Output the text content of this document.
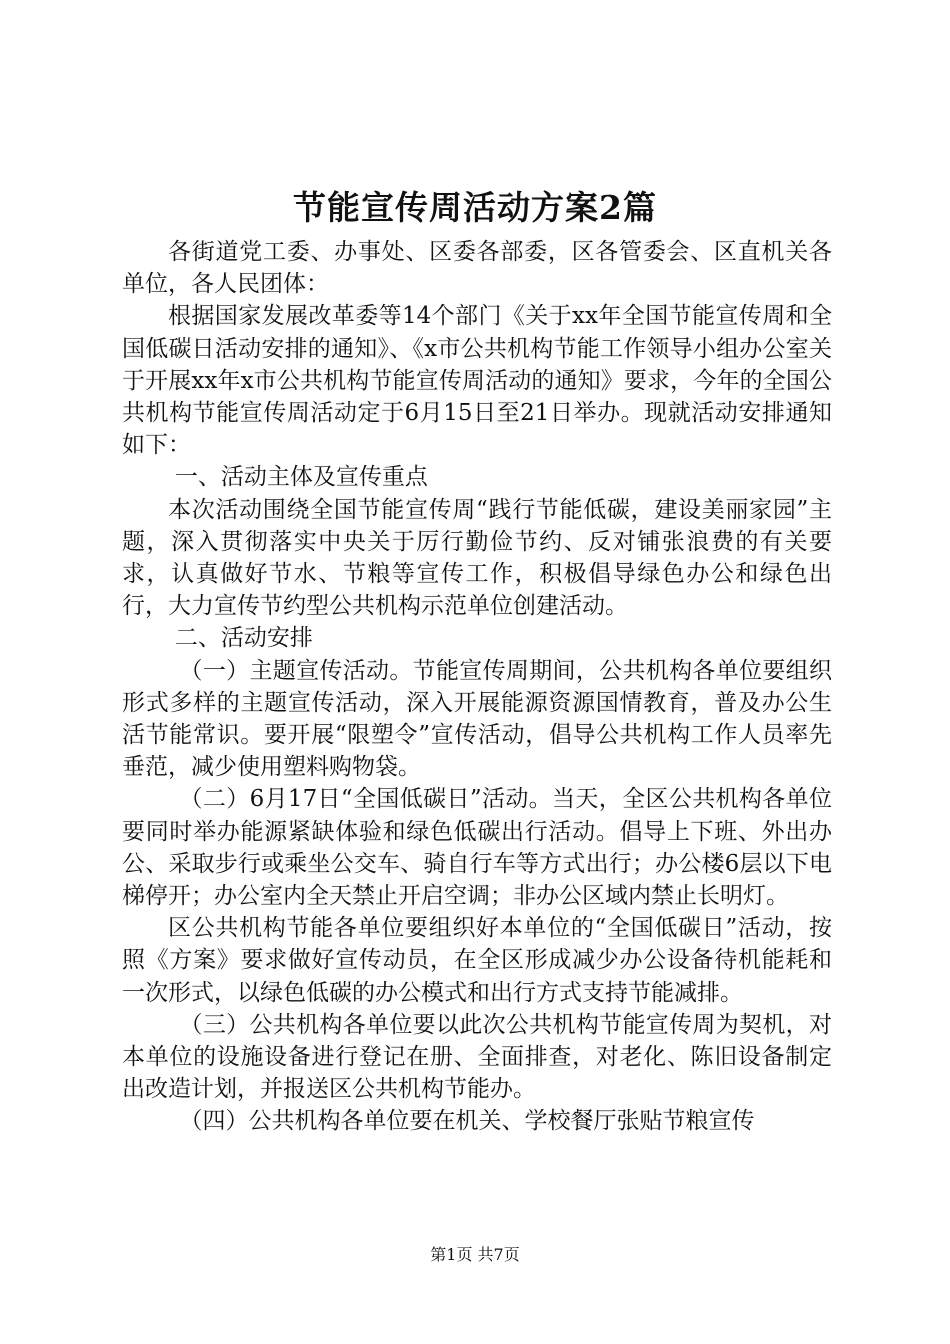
节能宣传周活动方案2篇

各街道党工委、办事处、区委各部委，区各管委会、区直机关各单位，各人民团体：

根据国家发展改革委等14个部门《关于xx年全国节能宣传周和全国低碳日活动安排的通知》、《x市公共机构节能工作领导小组办公室关于开展xx年x市公共机构节能宣传周活动的通知》要求，今年的全国公共机构节能宣传周活动定于6月15日至21日举办。现就活动安排通知如下：

一、活动主体及宣传重点

本次活动围绕全国节能宣传周“践行节能低碳，建设美丽家园”主题，深入贯彻落实中央关于厉行勤俭节约、反对铺张浪费的有关要求，认真做好节水、节粮等宣传工作，积极倡导绿色办公和绿色出行，大力宣传节约型公共机构示范单位创建活动。

二、活动安排

（一）主题宣传活动。节能宣传周期间，公共机构各单位要组织形式多样的主题宣传活动，深入开展能源资源国情教育，普及办公生活节能常识。要开展“限塑令”宣传活动，倡导公共机构工作人员率先垂范，减少使用塑料购物袋。

（二）6月17日“全国低碳日”活动。当天，全区公共机构各单位要同时举办能源紧缺体验和绿色低碳出行活动。倡导上下班、外出办公、采取步行或乘坐公交车、骑自行车等方式出行；办公楼6层以下电梯停开；办公室内全天禁止开启空调；非办公区域内禁止长明灯。

区公共机构节能各单位要组织好本单位的“全国低碳日”活动，按照《方案》要求做好宣传动员，在全区形成减少办公设备待机能耗和一次形式，以绿色低碳的办公模式和出行方式支持节能减排。

（三）公共机构各单位要以此次公共机构节能宣传周为契机，对本单位的设施设备进行登记在册、全面排查，对老化、陈旧设备制定出改造计划，并报送区公共机构节能办。

（四）公共机构各单位要在机关、学校餐厅张贴节粮宣传

第1页 共7页
